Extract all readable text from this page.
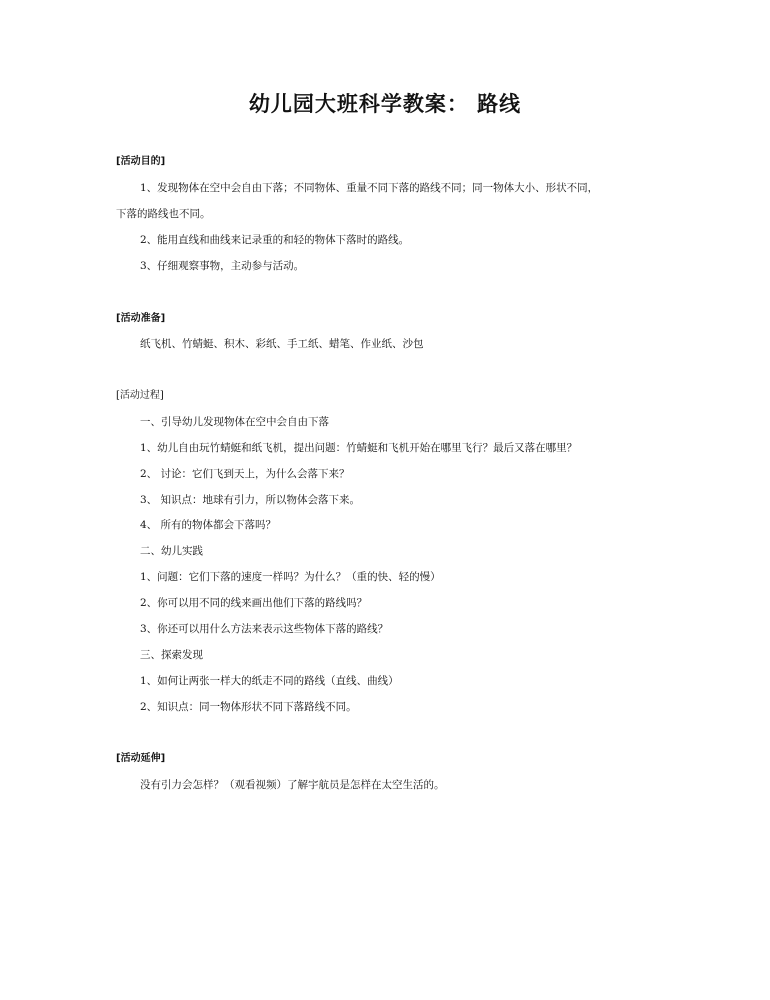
幼儿园大班科学教案： 路线
[活动目的]
1、发现物体在空中会自由下落；不同物体、重量不同下落的路线不同；同一物体大小、形状不同，
下落的路线也不同。
2、能用直线和曲线来记录重的和轻的物体下落时的路线。
3、仔细观察事物，主动参与活动。
[活动准备]
纸飞机、竹蜻蜓、积木、彩纸、手工纸、蜡笔、作业纸、沙包
[活动过程]
一、引导幼儿发现物体在空中会自由下落
1、幼儿自由玩竹蜻蜓和纸飞机，提出问题：竹蜻蜓和飞机开始在哪里飞行？最后又落在哪里？
2、 讨论：它们飞到天上，为什么会落下来？
3、 知识点：地球有引力，所以物体会落下来。
4、 所有的物体都会下落吗？
二、幼儿实践
1、问题：它们下落的速度一样吗？为什么？（重的快、轻的慢）
2、你可以用不同的线来画出他们下落的路线吗？
3、你还可以用什么方法来表示这些物体下落的路线？
三、探索发现
1、如何让两张一样大的纸走不同的路线（直线、曲线）
2、知识点：同一物体形状不同下落路线不同。
[活动延伸]
没有引力会怎样？（观看视频）了解宇航员是怎样在太空生活的。
